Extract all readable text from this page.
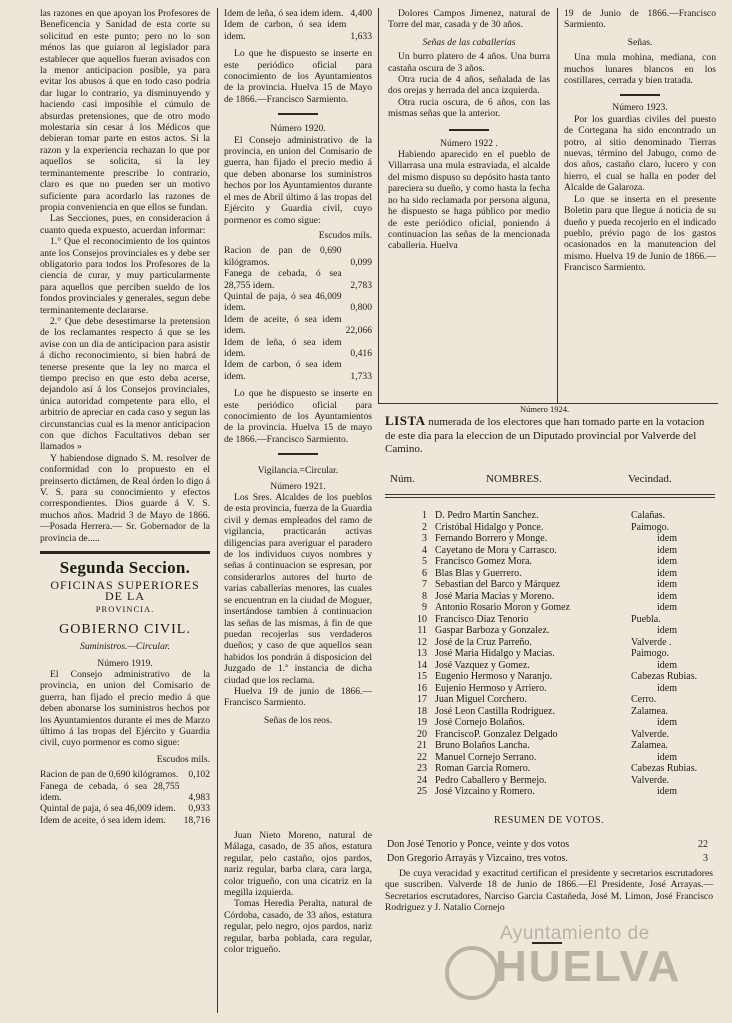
las razones en que apoyan los Profesores de Beneficencia y Sanidad de esta corte su solicitud en este punto; pero no lo son ménos las que guiaron al legislador para establecer que aquellos fueran avisados con la menor anticipacion posible, ya para evitar los abusos á que en todo caso podria dar lugar lo contrario, ya disminuyendo y haciendo casi imposible el cúmulo de absurdas pretensiones, que de otro modo molestaria sin cesar á los Médicos que debieran tomar parte en estos actos. Si la razon y la experiencia rechazan lo que por aquellos se solicita, si la ley terminantemente prescribe lo contrario, claro es que no pueden ser un motivo suficiente para acordarlo las razones de propia conveniencia en que ellos se fundan.

Las Secciones, pues, en consideracion á cuanto queda expuesto, acuerdan informar:

1.° Que el reconocimiento de los quintos ante los Consejos provinciales es y debe ser obligatorio para todos los Profesores de la ciencia de curar, y muy particularmente para aquellos que perciben sueldo de los fondos provinciales y generales, segun debe terminantemente declararse.

2.° Que debe desestimarse la pretension de los reclamantes respecto á que se les avise con un dia de anticipacion para asistir á dicho reconocimiento, si bien habrá de tenerse presente que la ley no marca el tiempo preciso en que esto deba acerse, dejandolo así á los Consejos provinciales, única autoridad competente para ello, el arbitrio de apreciar en cada caso y segun las circunstancias cual es la menor anticipacion con que dichos Facultativos deban ser llamados »

Y habiendose dignado S. M. resolver de conformidad con lo propuesto en el preinserto dictámen, de Real órden lo digo á V. S. para su conocimiento y efectos correspondientes. Dios guarde á V. S. muchos años. Madrid 3 de Mayo de 1866.—Posada Herrera.— Sr. Gobernador de la provincia de.....

Segunda Seccion.
OFICINAS SUPERIORES DE LA
PROVINCIA.
GOBIERNO CIVIL.

Suministros.—Circular.

Número 1919.

El Consejo administrativo de la provincia, en union del Comisario de guerra, han fijado el precio medio á que deben abonarse los suministros hechos por los Ayuntamientos durante el mes de Marzo último á las tropas del Ejército y Guardia civil, cuyo pormenor es como sigue:

Escudos mils.

Racion de pan de 0,690 kilógramos.	0,102
Fanega de cebada, ó sea 28,755 idem.	4,983
Quintal de paja, ó sea 46,009 idem.	0,933
Idem de aceite, ó sea idem idem.	18,716
Idem de leña, ó sea idem idem.	4,400
Idem de carbon, ó sea idem idem.	1,633

Lo que he dispuesto se inserte en este periódico oficial para conocimiento de los Ayuntamientos de la provincia. Huelva 15 de Mayo de 1866.—Francisco Sarmiento.

Número 1920.

El Consejo administrativo de la provincia, en union del Comisario de guerra, han fijado el precio medio á que deben abonarse los suministros hechos por los Ayuntamientos durante el mes de Abril último á las tropas del Ejército y Guardia civil, cuyo pormenor es como sigue:

Escudos mils.

Racion de pan de 0,690 kilógramos.	0,099
Fanega de cebada, ó sea 28,755 idem.	2,783
Quintal de paja, ó sea 46,009 idem.	0,800
Idem de aceite, ó sea idem idem.	22,066
Idem de leña, ó sea idem idem.	0,416
Idem de carbon, ó sea idem idem.	1,733

Lo que he dispuesto se inserte en este periódico oficial para conocimiento de los Ayuntamientos de la provincia. Huelva 15 de mayo de 1866.—Francisco Sarmiento.

Vigilancia.=Circular.

Número 1921.

Los Sres. Alcaldes de los pueblos de esta provincia, fuerza de la Guardia civil y demas empleados del ramo de vigilancia, practicarán activas diligencias para averiguar el paradero de los individuos cuyos nombres y señas á continuacion se espresan, por considerarlos autores del hurto de varias caballerías menores, las cuales se encuentran en la ciudad de Moguer, insertándose tambien á continuacion las señas de las mismas, á fin de que puedan recojerlas sus verdaderos dueños; y caso de que aquellos sean habidos los pondrán á disposicion del Juzgado de 1.ª instancia de dicha ciudad que los reclama.

Huelva 19 de junio de 1866.—Francisco Sarmiento.

Señas de los reos.

Dolores Campos Jimenez, natural de Torre del mar, casada y de 30 años.

Señas de las caballerías

Un burro platero de 4 años. Una burra castaña oscura de 3 años.

Otra rucia de 4 años, señalada de las dos orejas y herrada del anca izquierda.

Otra rucia oscura, de 6 años, con las mismas señas que la anterior.

Número 1922 .

Habiendo aparecido en el pueblo de Villarrasa una mula estraviada, el alcalde del mismo dispuso su depósito hasta tanto pareciera su dueño, y como hasta la fecha no ha sido reclamada por persona alguna, he dispuesto se haga público por medio de este periódico oficial, poniendo á continuacion las señas de la mencionada caballeria. Huelva

19 de Junio de 1866.—Francisco Sarmiento.

Señas.

Una mula mohina, mediana, con muchos lunares blancos en los costillares, cerrada y bien tratada.

Número 1923.

Por los guardias civiles del puesto de Cortegana ha sido encontrado un potro, al sitio denominado Tierras nuevas, término del Jabugo, como de dos años, castaño claro, lucero y con hierro, el cual se halla en poder del Alcalde de Galaroza.

Lo que se inserta en el presente Boletin para que llegue á noticia de su dueño y pueda recojerlo en el indicado pueblo, prévio pago de los gastos ocasionados en la manutencion del mismo. Huelva 19 de Junio de 1866.—Francisco Sarmiento.

Juan Nieto Moreno, natural de Málaga, casado, de 35 años, estatura regular, pelo castaño, ojos pardos, nariz regular, barba clara, cara larga, color trigueño, con una cicatriz en la megilla izquierda.

Tomas Heredia Peralta, natural de Córdoba, casado, de 33 años, estatura regular, pelo negro, ojos pardos, nariz regular, barba poblada, cara regular, color trigueño.

Número 1924.
LISTA numerada de los electores que han tomado parte en la votacion de este dia para la eleccion de un Diputado provincial por Valverde del Camino.
Núm.	NOMBRES.	Vecindad.
1	D. Pedro Martin Sanchez.	Calañas.
2	Cristóbal Hidalgo y Ponce.	Paimogo.
3	Fernando Borrero y Monge.	idem
4	Cayetano de Mora y Carrasco.	idem
5	Francisco Gomez Mora.	idem
6	Blas Blas y Guerrero.	idem
7	Sebastian del Barco y Márquez	idem
8	José Maria Macias y Moreno.	idem
9	Antonio Rosario Moron y Gomez	idem
10	Francisco Diaz Tenorio	Puebla.
11	Gaspar Barboza y Gonzalez.	idem
12	José de la Cruz Parreño.	Valverde .
13	José Maria Hidalgo y Macias.	Paimogo.
14	José Vazquez y Gomez.	idem
15	Eugenio Hermoso y Naranjo.	Cabezas Rubias.
16	Eujenio Hermoso y Arriero.	idem
17	Juan Miguel Corchero.	Cerro.
18	José Leon Castilla Rodriguez.	Zalamea.
19	José Cornejo Bolaños.	idem
20	FranciscoP. Gonzalez Delgado	Valverde.
21	Bruno Bolaños Lancha.	Zalamea.
22	Manuel Cornejo Serrano.	idem
23	Roman Garcia Romero.	Cabezas Rubias.
24	Pedro Caballero y Bermejo.	Valverde.
25	José Vizcaino y Romero.	idem
RESUMEN DE VOTOS.
Don José Tenorio y Ponce, veinte y dos votos	22
Don Gregorio Arrayás y Vizcaino, tres votos.	3

De cuya veracidad y exactitud certifican el presidente y secretarios escrutadores que suscriben. Valverde 18 de Junio de 1866.—El Presidente, José Arrayas.—Secretarios escrutadores, Narciso Garcia Castañeda, José M. Limon, José Francisco Rodriguez y J. Natalio Cornejo

Ayuntamiento de
HUELVA
